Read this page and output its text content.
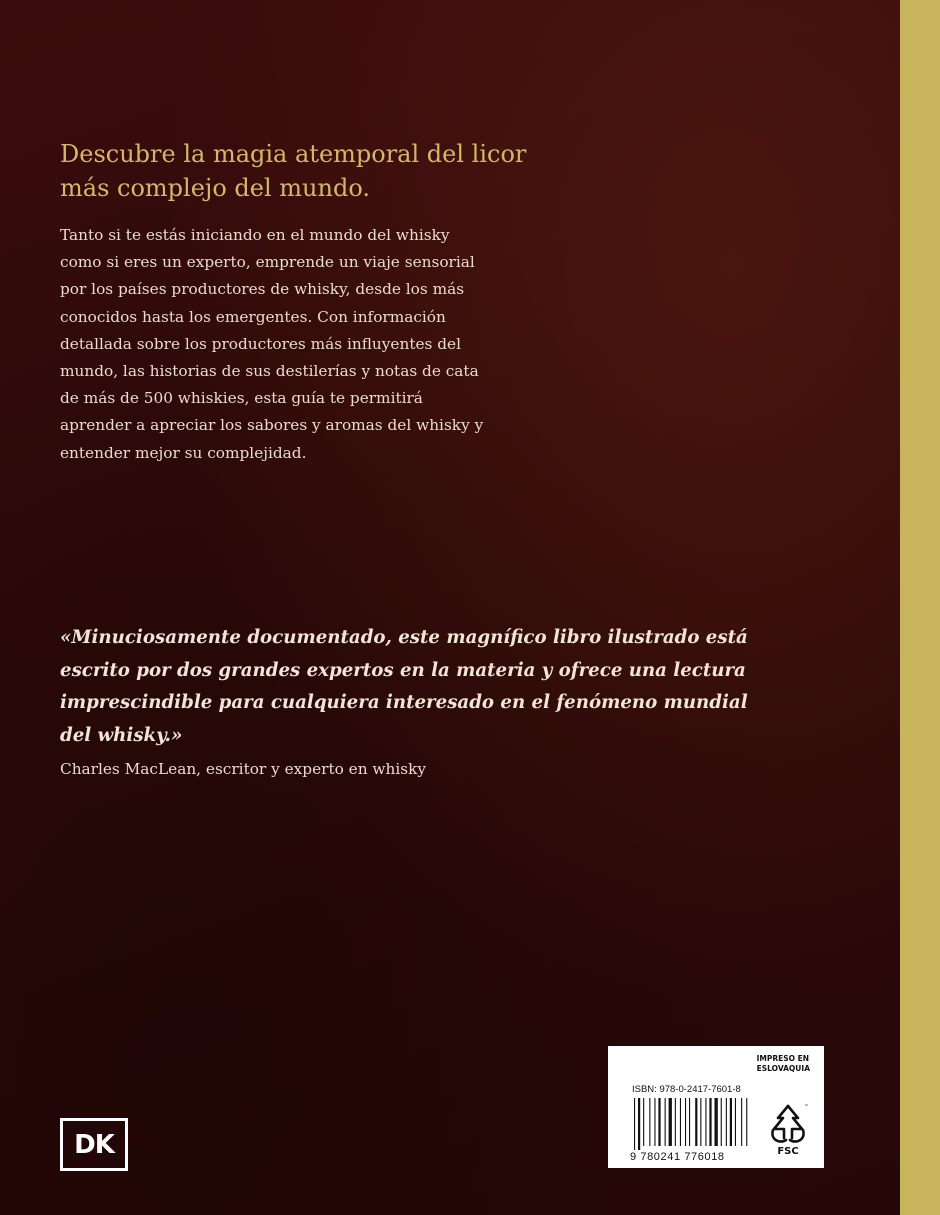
Descubre la magia atemporal del licor más complejo del mundo.

Tanto si te estás iniciando en el mundo del whisky como si eres un experto, emprende un viaje sensorial por los países productores de whisky, desde los más conocidos hasta los emergentes. Con información detallada sobre los productores más influyentes del mundo, las historias de sus destilerías y notas de cata de más de 500 whiskies, esta guía te permitirá aprender a apreciar los sabores y aromas del whisky y entender mejor su complejidad.

«Minuciosamente documentado, este magnífico libro ilustrado está escrito por dos grandes expertos en la materia y ofrece una lectura imprescindible para cualquiera interesado en el fenómeno mundial del whisky.»

Charles MacLean, escritor y experto en whisky

DK
IMPRESO EN
ESLOVAQUIA
ISBN: 978-0-2417-7601-8
9 780241 776018
™
FSC
